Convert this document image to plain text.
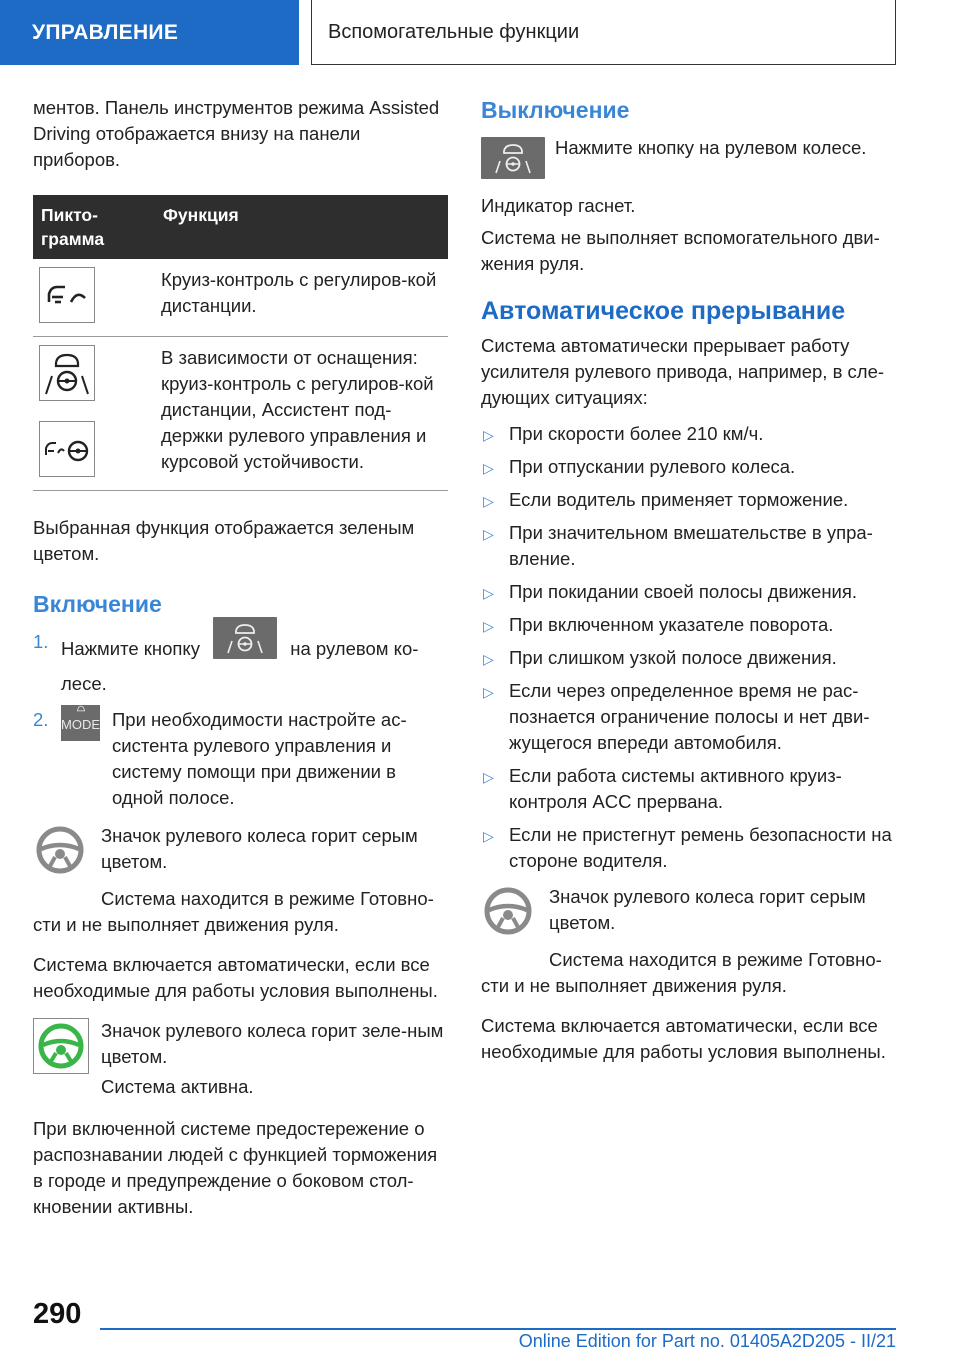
УПРАВЛЕНИЕ	Вспомогательные функции

ментов. Панель инструментов режима Assisted Driving отображается внизу на панели приборов.

Пикто-грамма	Функция

	Круиз-контроль с регулиров-кой дистанции.

	В зависимости от оснащения: круиз-контроль с регулиров-кой дистанции, Ассистент под-держки рулевого управления и курсовой устойчивости.

Выбранная функция отображается зеленым цветом.

Включение
1. Нажмите кнопку	на рулевом ко-лесе.
2. MODE При необходимости настройте ас-систента рулевого управления и систему помощи при движении в одной полосе.

Значок рулевого колеса горит серым цветом.

Система находится в режиме Готовно-сти и не выполняет движения руля.

Система включается автоматически, если все необходимые для работы условия выполнены.

Значок рулевого колеса горит зеле-ным цветом.

Система активна.

При включенной системе предостережение о распознавании людей с функцией торможения в городе и предупреждение о боковом стол-кновении активны.

Выключение

Нажмите кнопку на рулевом колесе.

Индикатор гаснет.

Система не выполняет вспомогательного дви-жения руля.

Автоматическое прерывание

Система автоматически прерывает работу усилителя рулевого привода, например, в сле-дующих ситуациях:

▷ При скорости более 210 км/ч.
▷ При отпускании рулевого колеса.
▷ Если водитель применяет торможение.
▷ При значительном вмешательстве в упра-вление.
▷ При покидании своей полосы движения.
▷ При включенном указателе поворота.
▷ При слишком узкой полосе движения.
▷ Если через определенное время не рас-познается ограничение полосы и нет дви-жущегося впереди автомобиля.
▷ Если работа системы активного круиз-контроля ACC прервана.
▷ Если не пристегнут ремень безопасности на стороне водителя.

Значок рулевого колеса горит серым цветом.

Система находится в режиме Готовно-сти и не выполняет движения руля.

Система включается автоматически, если все необходимые для работы условия выполнены.

290
Online Edition for Part no. 01405A2D205 - II/21
